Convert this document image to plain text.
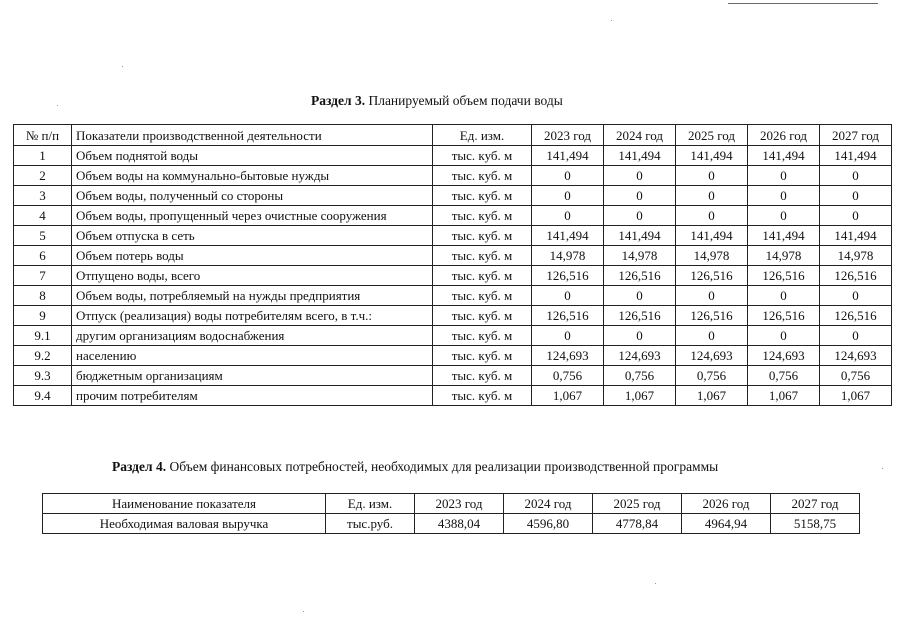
Раздел 3. Планируемый объем подачи воды
№ п/п	Показатели производственной деятельности	Ед. изм.	2023 год	2024 год	2025 год	2026 год	2027 год
1	Объем поднятой воды	тыс. куб. м	141,494	141,494	141,494	141,494	141,494
2	Объем воды на коммунально-бытовые нужды	тыс. куб. м	0	0	0	0	0
3	Объем воды, полученный со стороны	тыс. куб. м	0	0	0	0	0
4	Объем воды, пропущенный через очистные сооружения	тыс. куб. м	0	0	0	0	0
5	Объем отпуска в сеть	тыс. куб. м	141,494	141,494	141,494	141,494	141,494
6	Объем потерь воды	тыс. куб. м	14,978	14,978	14,978	14,978	14,978
7	Отпущено воды, всего	тыс. куб. м	126,516	126,516	126,516	126,516	126,516
8	Объем воды, потребляемый на нужды предприятия	тыс. куб. м	0	0	0	0	0
9	Отпуск (реализация) воды потребителям всего, в т.ч.:	тыс. куб. м	126,516	126,516	126,516	126,516	126,516
9.1	другим организациям водоснабжения	тыс. куб. м	0	0	0	0	0
9.2	населению	тыс. куб. м	124,693	124,693	124,693	124,693	124,693
9.3	бюджетным организациям	тыс. куб. м	0,756	0,756	0,756	0,756	0,756
9.4	прочим потребителям	тыс. куб. м	1,067	1,067	1,067	1,067	1,067
Раздел 4. Объем финансовых потребностей, необходимых для реализации производственной программы
Наименование показателя	Ед. изм.	2023 год	2024 год	2025 год	2026 год	2027 год
Необходимая валовая выручка	тыс.руб.	4388,04	4596,80	4778,84	4964,94	5158,75
